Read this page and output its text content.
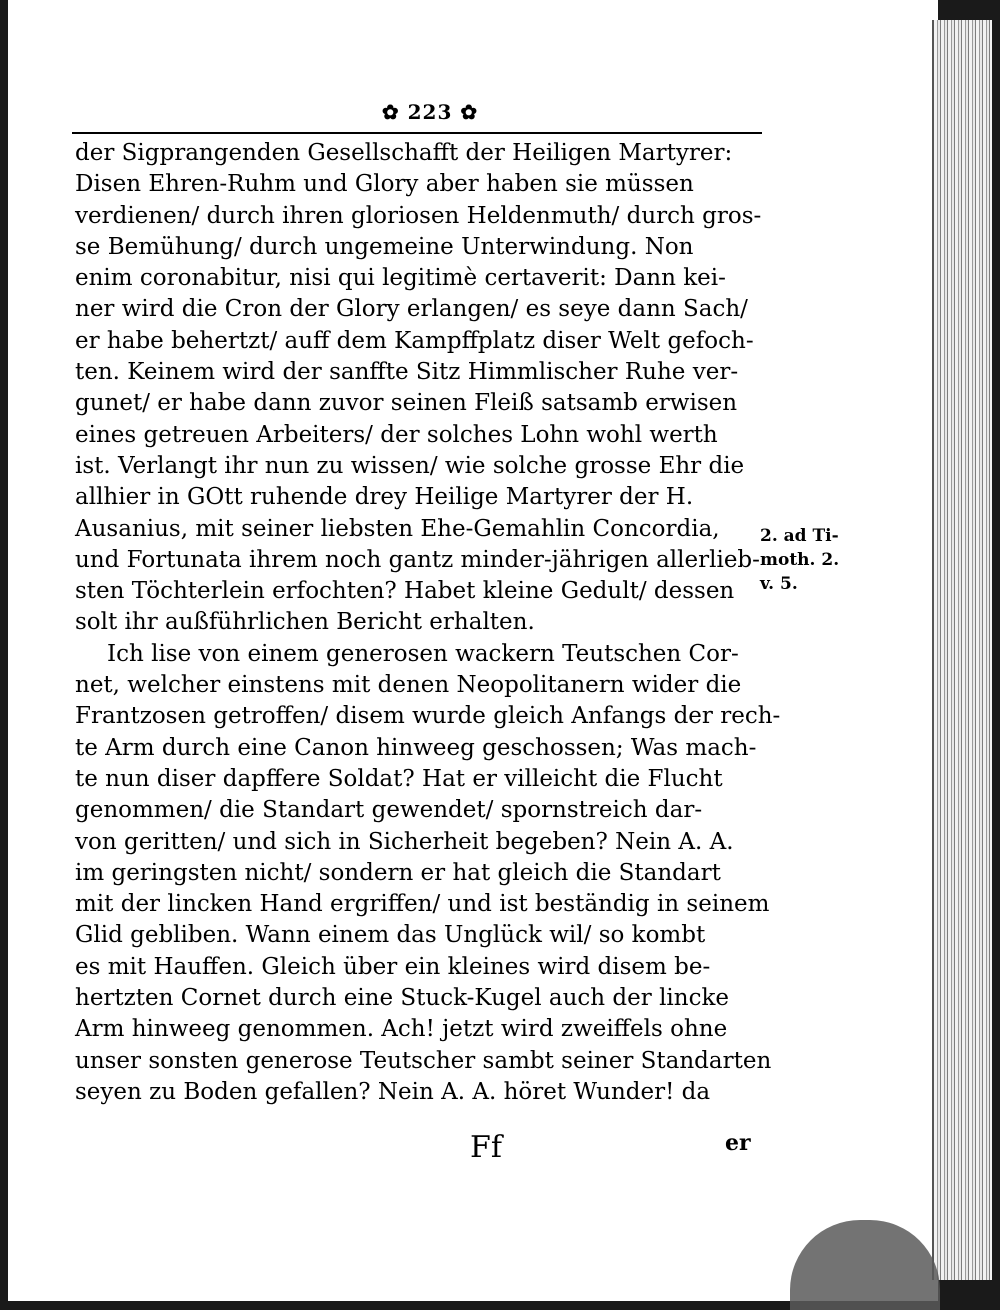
✿ 223 ✿
der Sigprangenden Gesellschafft der Heiligen Martyrer:
Disen Ehren-Ruhm und Glory aber haben sie müssen
verdienen/ durch ihren gloriosen Heldenmuth/ durch gros-
se Bemühung/ durch ungemeine Unterwindung. Non
enim coronabitur, nisi qui legitimè certaverit: Dann kei-
ner wird die Cron der Glory erlangen/ es seye dann Sach/
er habe behertzt/ auff dem Kampffplatz diser Welt gefoch-
ten. Keinem wird der sanffte Sitz Himmlischer Ruhe ver-
gunet/ er habe dann zuvor seinen Fleiß satsamb erwisen
eines getreuen Arbeiters/ der solches Lohn wohl werth
ist. Verlangt ihr nun zu wissen/ wie solche grosse Ehr die
allhier in GOtt ruhende drey Heilige Martyrer der H.
Ausanius, mit seiner liebsten Ehe-Gemahlin Concordia,
und Fortunata ihrem noch gantz minder-jährigen allerlieb-
sten Töchterlein erfochten? Habet kleine Gedult/ dessen
solt ihr außführlichen Bericht erhalten.
Ich lise von einem generosen wackern Teutschen Cor-
net, welcher einstens mit denen Neopolitanern wider die
Frantzosen getroffen/ disem wurde gleich Anfangs der rech-
te Arm durch eine Canon hinweeg geschossen; Was mach-
te nun diser dapffere Soldat? Hat er villeicht die Flucht
genommen/ die Standart gewendet/ spornstreich dar-
von geritten/ und sich in Sicherheit begeben? Nein A. A.
im geringsten nicht/ sondern er hat gleich die Standart
mit der lincken Hand ergriffen/ und ist beständig in seinem
Glid gebliben. Wann einem das Unglück wil/ so kombt
es mit Hauffen. Gleich über ein kleines wird disem be-
hertzten Cornet durch eine Stuck-Kugel auch der lincke
Arm hinweeg genommen. Ach! jetzt wird zweiffels ohne
unser sonsten generose Teutscher sambt seiner Standarten
seyen zu Boden gefallen? Nein A. A. höret Wunder! da
2. ad Ti-
moth. 2.
v. 5.
Ff	er
